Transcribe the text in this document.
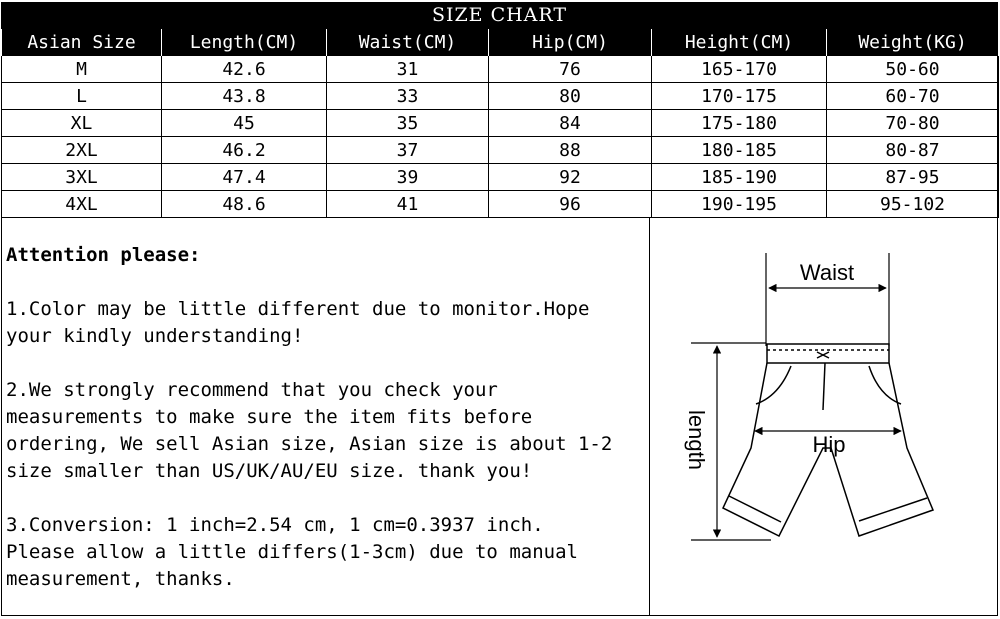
SIZE CHART
Asian Size	Length(CM)	Waist(CM)	Hip(CM)	Height(CM)	Weight(KG)
M	42.6	31	76	165-170	50-60
L	43.8	33	80	170-175	60-70
XL	45	35	84	175-180	70-80
2XL	46.2	37	88	180-185	80-87
3XL	47.4	39	92	185-190	87-95
4XL	48.6	41	96	190-195	95-102
Attention please:

1.Color may be little different due to monitor.Hope
your kindly understanding!

2.We strongly recommend that you check your
measurements to make sure the item fits before
ordering, We sell Asian size, Asian size is about 1-2
size smaller than US/UK/AU/EU size. thank you!

3.Conversion: 1 inch=2.54 cm, 1 cm=0.3937 inch.
Please allow a little differs(1-3cm) due to manual
measurement, thanks.

Waist
length	Hip
